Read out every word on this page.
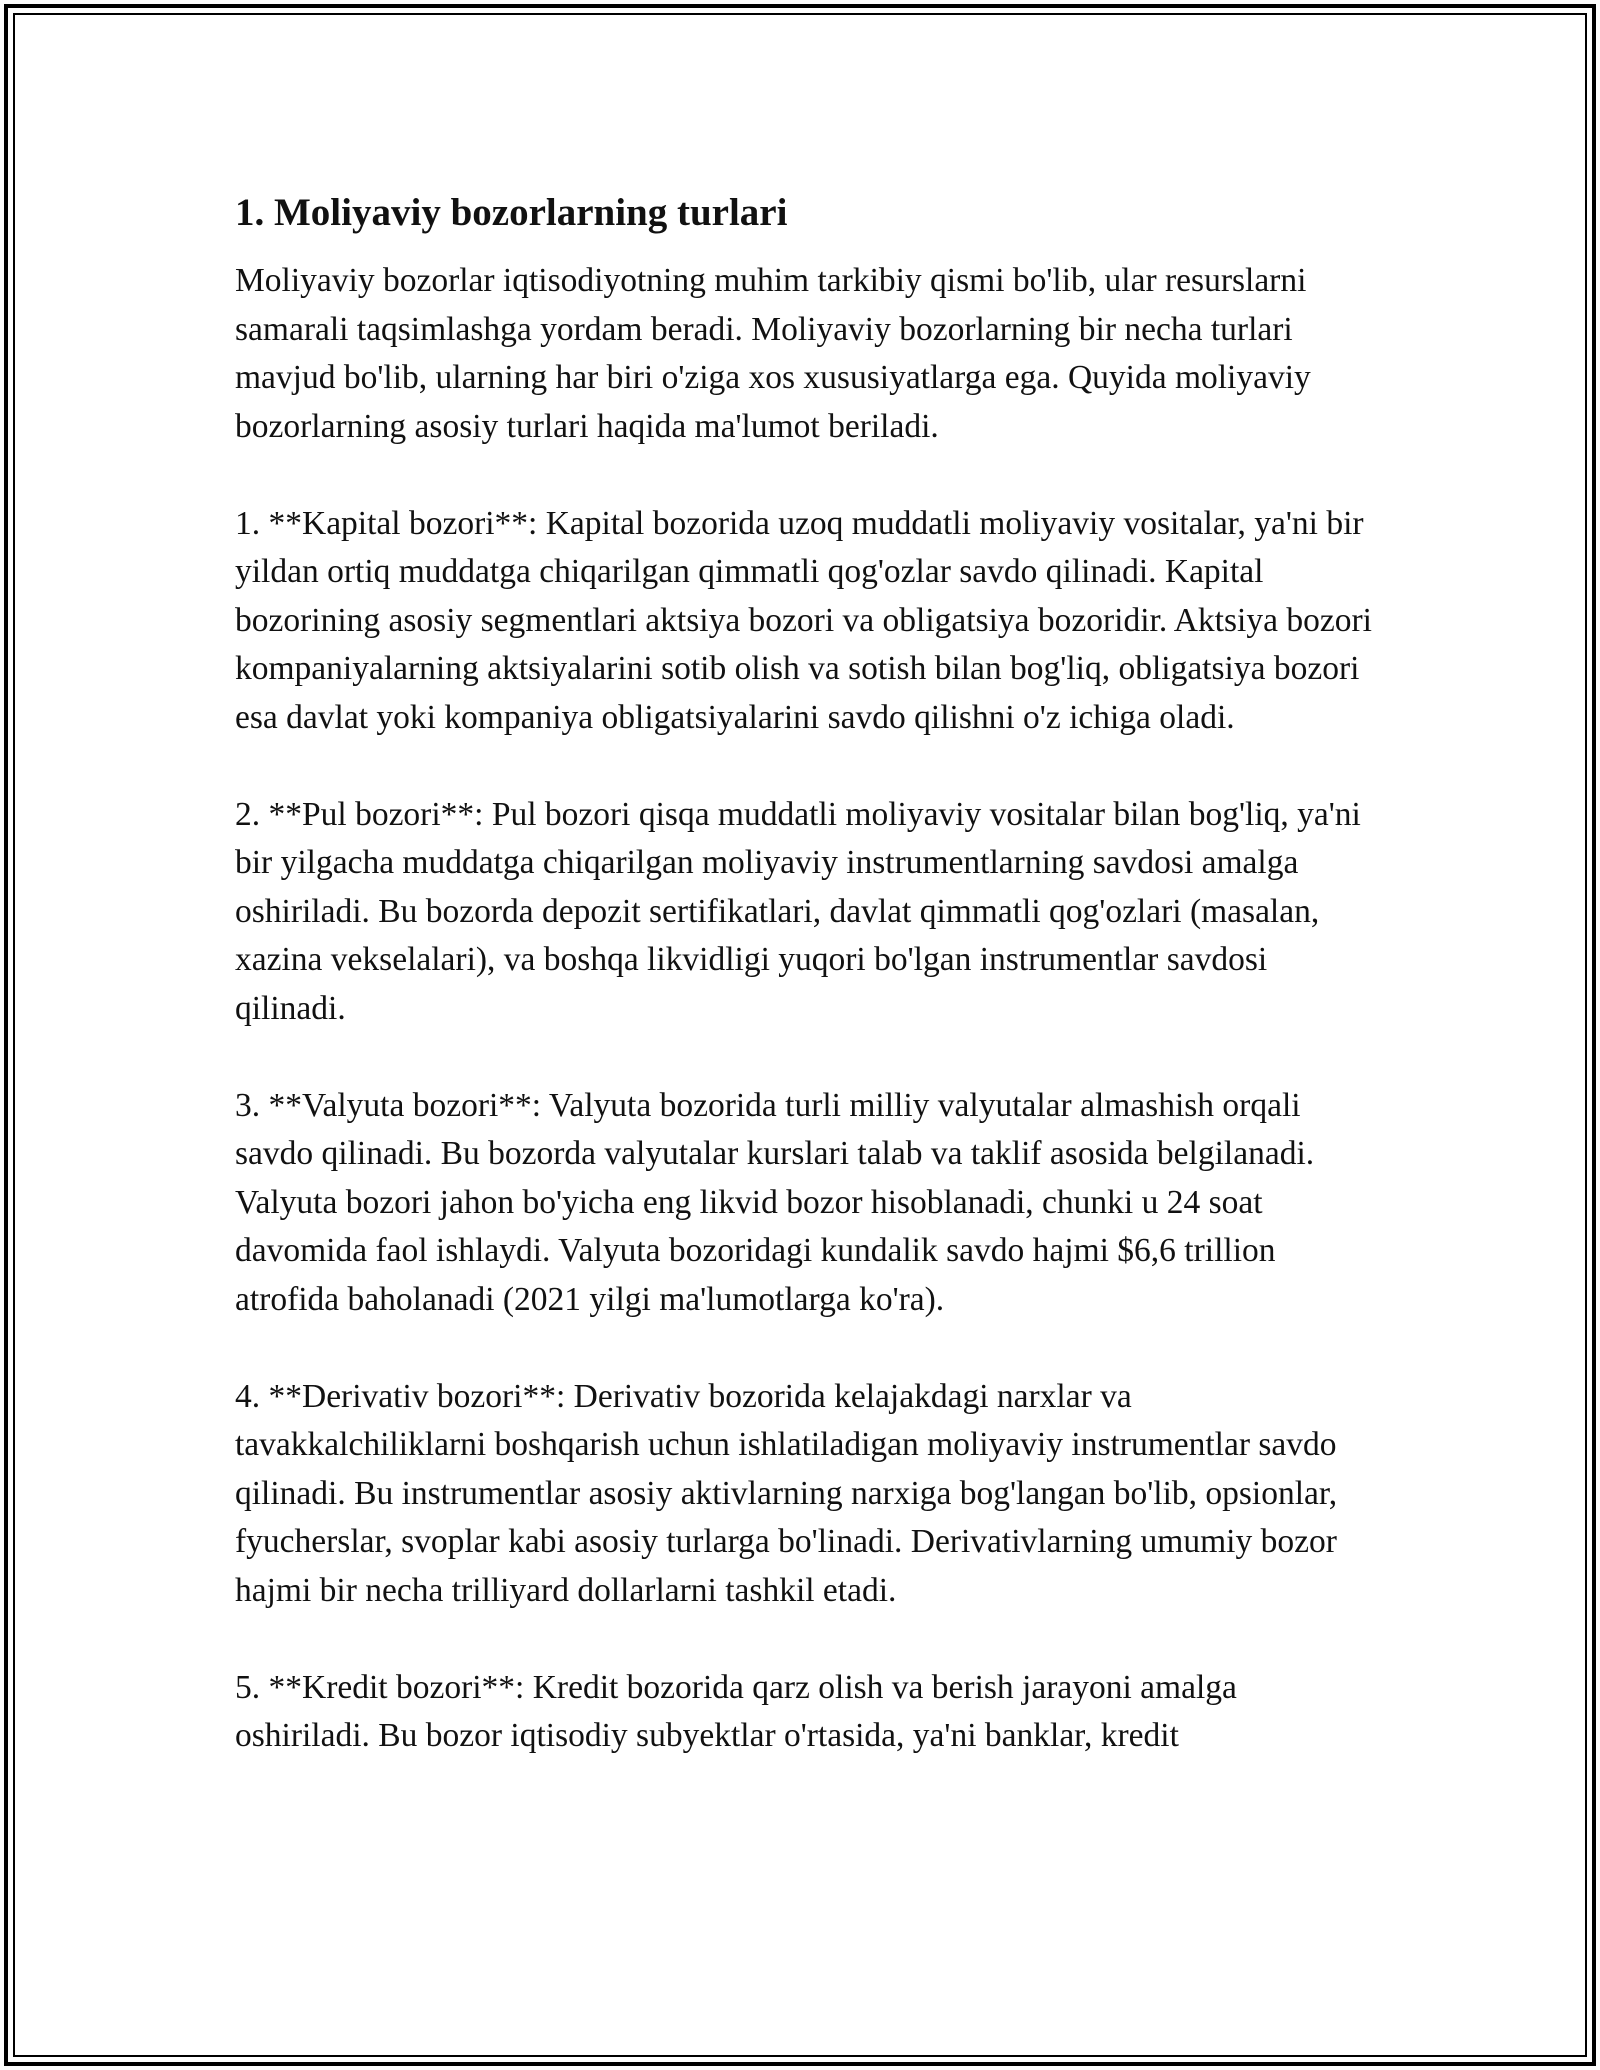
1. Moliyaviy bozorlarning turlari

Moliyaviy bozorlar iqtisodiyotning muhim tarkibiy qismi bo'lib, ular resurslarni samarali taqsimlashga yordam beradi. Moliyaviy bozorlarning bir necha turlari mavjud bo'lib, ularning har biri o'ziga xos xususiyatlarga ega. Quyida moliyaviy bozorlarning asosiy turlari haqida ma'lumot beriladi.

1. **Kapital bozori**: Kapital bozorida uzoq muddatli moliyaviy vositalar, ya'ni bir yildan ortiq muddatga chiqarilgan qimmatli qog'ozlar savdo qilinadi. Kapital bozorining asosiy segmentlari aktsiya bozori va obligatsiya bozoridir. Aktsiya bozori kompaniyalarning aktsiyalarini sotib olish va sotish bilan bog'liq, obligatsiya bozori esa davlat yoki kompaniya obligatsiyalarini savdo qilishni o'z ichiga oladi.

2. **Pul bozori**: Pul bozori qisqa muddatli moliyaviy vositalar bilan bog'liq, ya'ni bir yilgacha muddatga chiqarilgan moliyaviy instrumentlarning savdosi amalga oshiriladi. Bu bozorda depozit sertifikatlari, davlat qimmatli qog'ozlari (masalan, xazina vekselalari), va boshqa likvidligi yuqori bo'lgan instrumentlar savdosi qilinadi.

3. **Valyuta bozori**: Valyuta bozorida turli milliy valyutalar almashish orqali savdo qilinadi. Bu bozorda valyutalar kurslari talab va taklif asosida belgilanadi. Valyuta bozori jahon bo'yicha eng likvid bozor hisoblanadi, chunki u 24 soat davomida faol ishlaydi. Valyuta bozoridagi kundalik savdo hajmi $6,6 trillion atrofida baholanadi (2021 yilgi ma'lumotlarga ko'ra).

4. **Derivativ bozori**: Derivativ bozorida kelajakdagi narxlar va tavakkalchiliklarni boshqarish uchun ishlatiladigan moliyaviy instrumentlar savdo qilinadi. Bu instrumentlar asosiy aktivlarning narxiga bog'langan bo'lib, opsionlar, fyucherslar, svoplar kabi asosiy turlarga bo'linadi. Derivativlarning umumiy bozor hajmi bir necha trilliyard dollarlarni tashkil etadi.

5. **Kredit bozori**: Kredit bozorida qarz olish va berish jarayoni amalga oshiriladi. Bu bozor iqtisodiy subyektlar o'rtasida, ya'ni banklar, kredit
